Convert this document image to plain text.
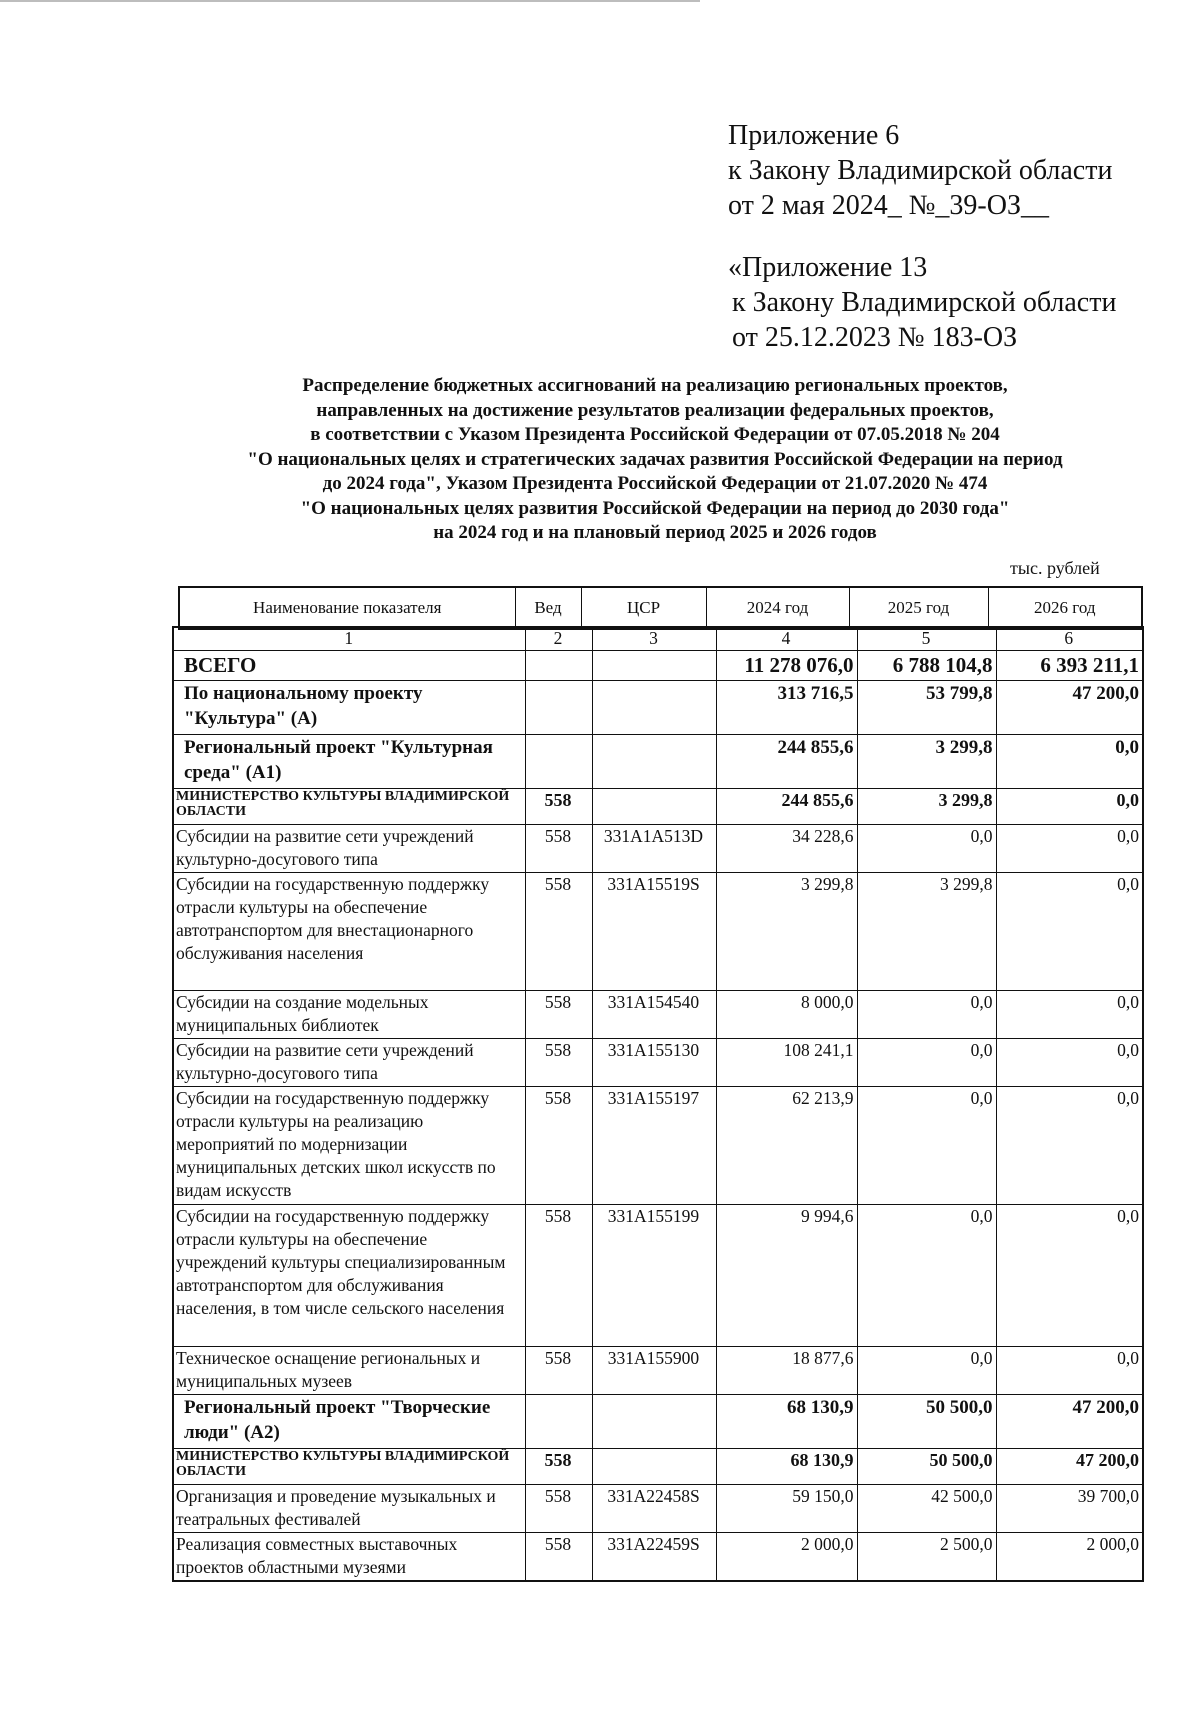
Приложение 6
к Закону Владимирской области
от 2 мая 2024_ №_39-ОЗ__
«Приложение 13
к Закону Владимирской области
от 25.12.2023 № 183-ОЗ
Распределение бюджетных ассигнований на реализацию региональных проектов,
направленных на достижение результатов реализации федеральных проектов,
в соответствии с Указом Президента Российской Федерации от 07.05.2018 № 204
"О национальных целях и стратегических задачах развития Российской Федерации на период
до 2024 года", Указом Президента Российской Федерации от 21.07.2020 № 474
"О национальных целях развития Российской Федерации на период до 2030 года"
на 2024 год и на плановый период 2025 и 2026 годов
тыс. рублей
Наименование показателя	Вед	ЦСР	2024 год	2025 год	2026 год
1	2	3	4	5	6
ВСЕГО			11 278 076,0	6 788 104,8	6 393 211,1
По национальному проекту "Культура" (А)			313 716,5	53 799,8	47 200,0
Региональный проект "Культурная среда" (А1)			244 855,6	3 299,8	0,0
МИНИСТЕРСТВО КУЛЬТУРЫ ВЛАДИМИРСКОЙ ОБЛАСТИ	558		244 855,6	3 299,8	0,0
Субсидии на развитие сети учреждений культурно-досугового типа	558	331А1А513D	34 228,6	0,0	0,0
Субсидии на государственную поддержку отрасли культуры на обеспечение автотранспортом для внестационарного обслуживания населения	558	331А15519S	3 299,8	3 299,8	0,0
Субсидии на создание модельных муниципальных библиотек	558	331А154540	8 000,0	0,0	0,0
Субсидии на развитие сети учреждений культурно-досугового типа	558	331А155130	108 241,1	0,0	0,0
Субсидии на государственную поддержку отрасли культуры на реализацию мероприятий по модернизации муниципальных детских школ искусств по видам искусств	558	331А155197	62 213,9	0,0	0,0
Субсидии на государственную поддержку отрасли культуры на обеспечение учреждений культуры специализированным автотранспортом для обслуживания населения, в том числе сельского населения	558	331А155199	9 994,6	0,0	0,0
Техническое оснащение региональных и муниципальных музеев	558	331А155900	18 877,6	0,0	0,0
Региональный проект "Творческие люди" (А2)			68 130,9	50 500,0	47 200,0
МИНИСТЕРСТВО КУЛЬТУРЫ ВЛАДИМИРСКОЙ ОБЛАСТИ	558		68 130,9	50 500,0	47 200,0
Организация и проведение музыкальных и театральных фестивалей	558	331А22458S	59 150,0	42 500,0	39 700,0
Реализация совместных выставочных проектов областными музеями	558	331А22459S	2 000,0	2 500,0	2 000,0
